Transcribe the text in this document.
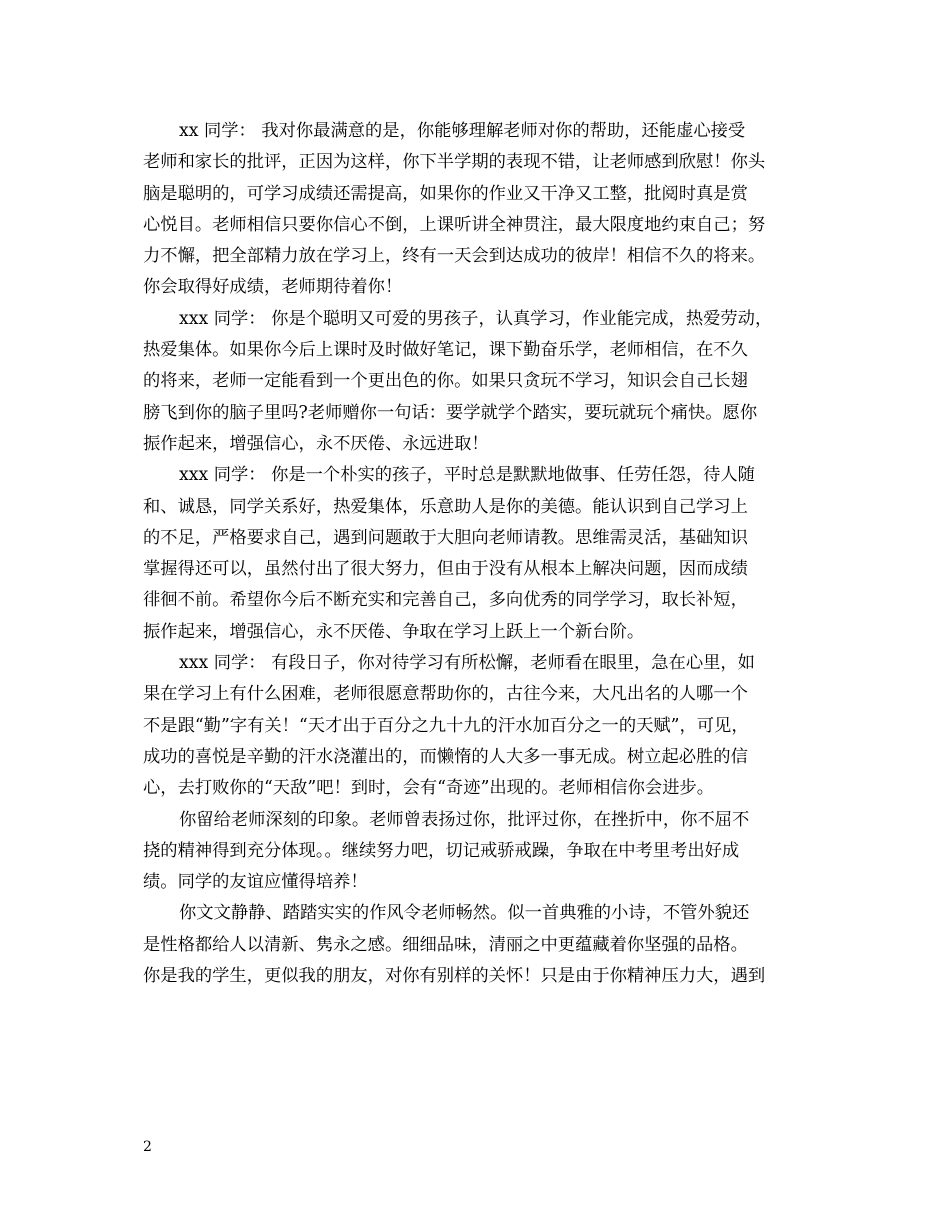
xx 同学： 我对你最满意的是，你能够理解老师对你的帮助，还能虚心接受
老师和家长的批评，正因为这样，你下半学期的表现不错，让老师感到欣慰！你头
脑是聪明的，可学习成绩还需提高，如果你的作业又干净又工整，批阅时真是赏
心悦目。老师相信只要你信心不倒，上课听讲全神贯注，最大限度地约束自己；努
力不懈，把全部精力放在学习上，终有一天会到达成功的彼岸！相信不久的将来。
你会取得好成绩，老师期待着你！
xxx 同学： 你是个聪明又可爱的男孩子，认真学习，作业能完成，热爱劳动，
热爱集体。如果你今后上课时及时做好笔记，课下勤奋乐学，老师相信，在不久
的将来，老师一定能看到一个更出色的你。如果只贪玩不学习，知识会自己长翅
膀飞到你的脑子里吗?老师赠你一句话：要学就学个踏实，要玩就玩个痛快。愿你
振作起来，增强信心，永不厌倦、永远进取！
xxx 同学： 你是一个朴实的孩子，平时总是默默地做事、任劳任怨，待人随
和、诚恳，同学关系好，热爱集体，乐意助人是你的美德。能认识到自己学习上
的不足，严格要求自己，遇到问题敢于大胆向老师请教。思维需灵活，基础知识
掌握得还可以，虽然付出了很大努力，但由于没有从根本上解决问题，因而成绩
徘徊不前。希望你今后不断充实和完善自己，多向优秀的同学学习，取长补短，
振作起来，增强信心，永不厌倦、争取在学习上跃上一个新台阶。
xxx 同学： 有段日子，你对待学习有所松懈，老师看在眼里，急在心里，如
果在学习上有什么困难，老师很愿意帮助你的，古往今来，大凡出名的人哪一个
不是跟“勤”字有关！“天才出于百分之九十九的汗水加百分之一的天赋”，可见，
成功的喜悦是辛勤的汗水浇灌出的，而懒惰的人大多一事无成。树立起必胜的信
心，去打败你的“天敌”吧！到时，会有“奇迹”出现的。老师相信你会进步。
你留给老师深刻的印象。老师曾表扬过你，批评过你，在挫折中，你不屈不
挠的精神得到充分体现。。继续努力吧，切记戒骄戒躁，争取在中考里考出好成
绩。同学的友谊应懂得培养！
你文文静静、踏踏实实的作风令老师畅然。似一首典雅的小诗，不管外貌还
是性格都给人以清新、隽永之感。细细品味，清丽之中更蕴藏着你坚强的品格。
你是我的学生，更似我的朋友，对你有别样的关怀！只是由于你精神压力大，遇到
2
